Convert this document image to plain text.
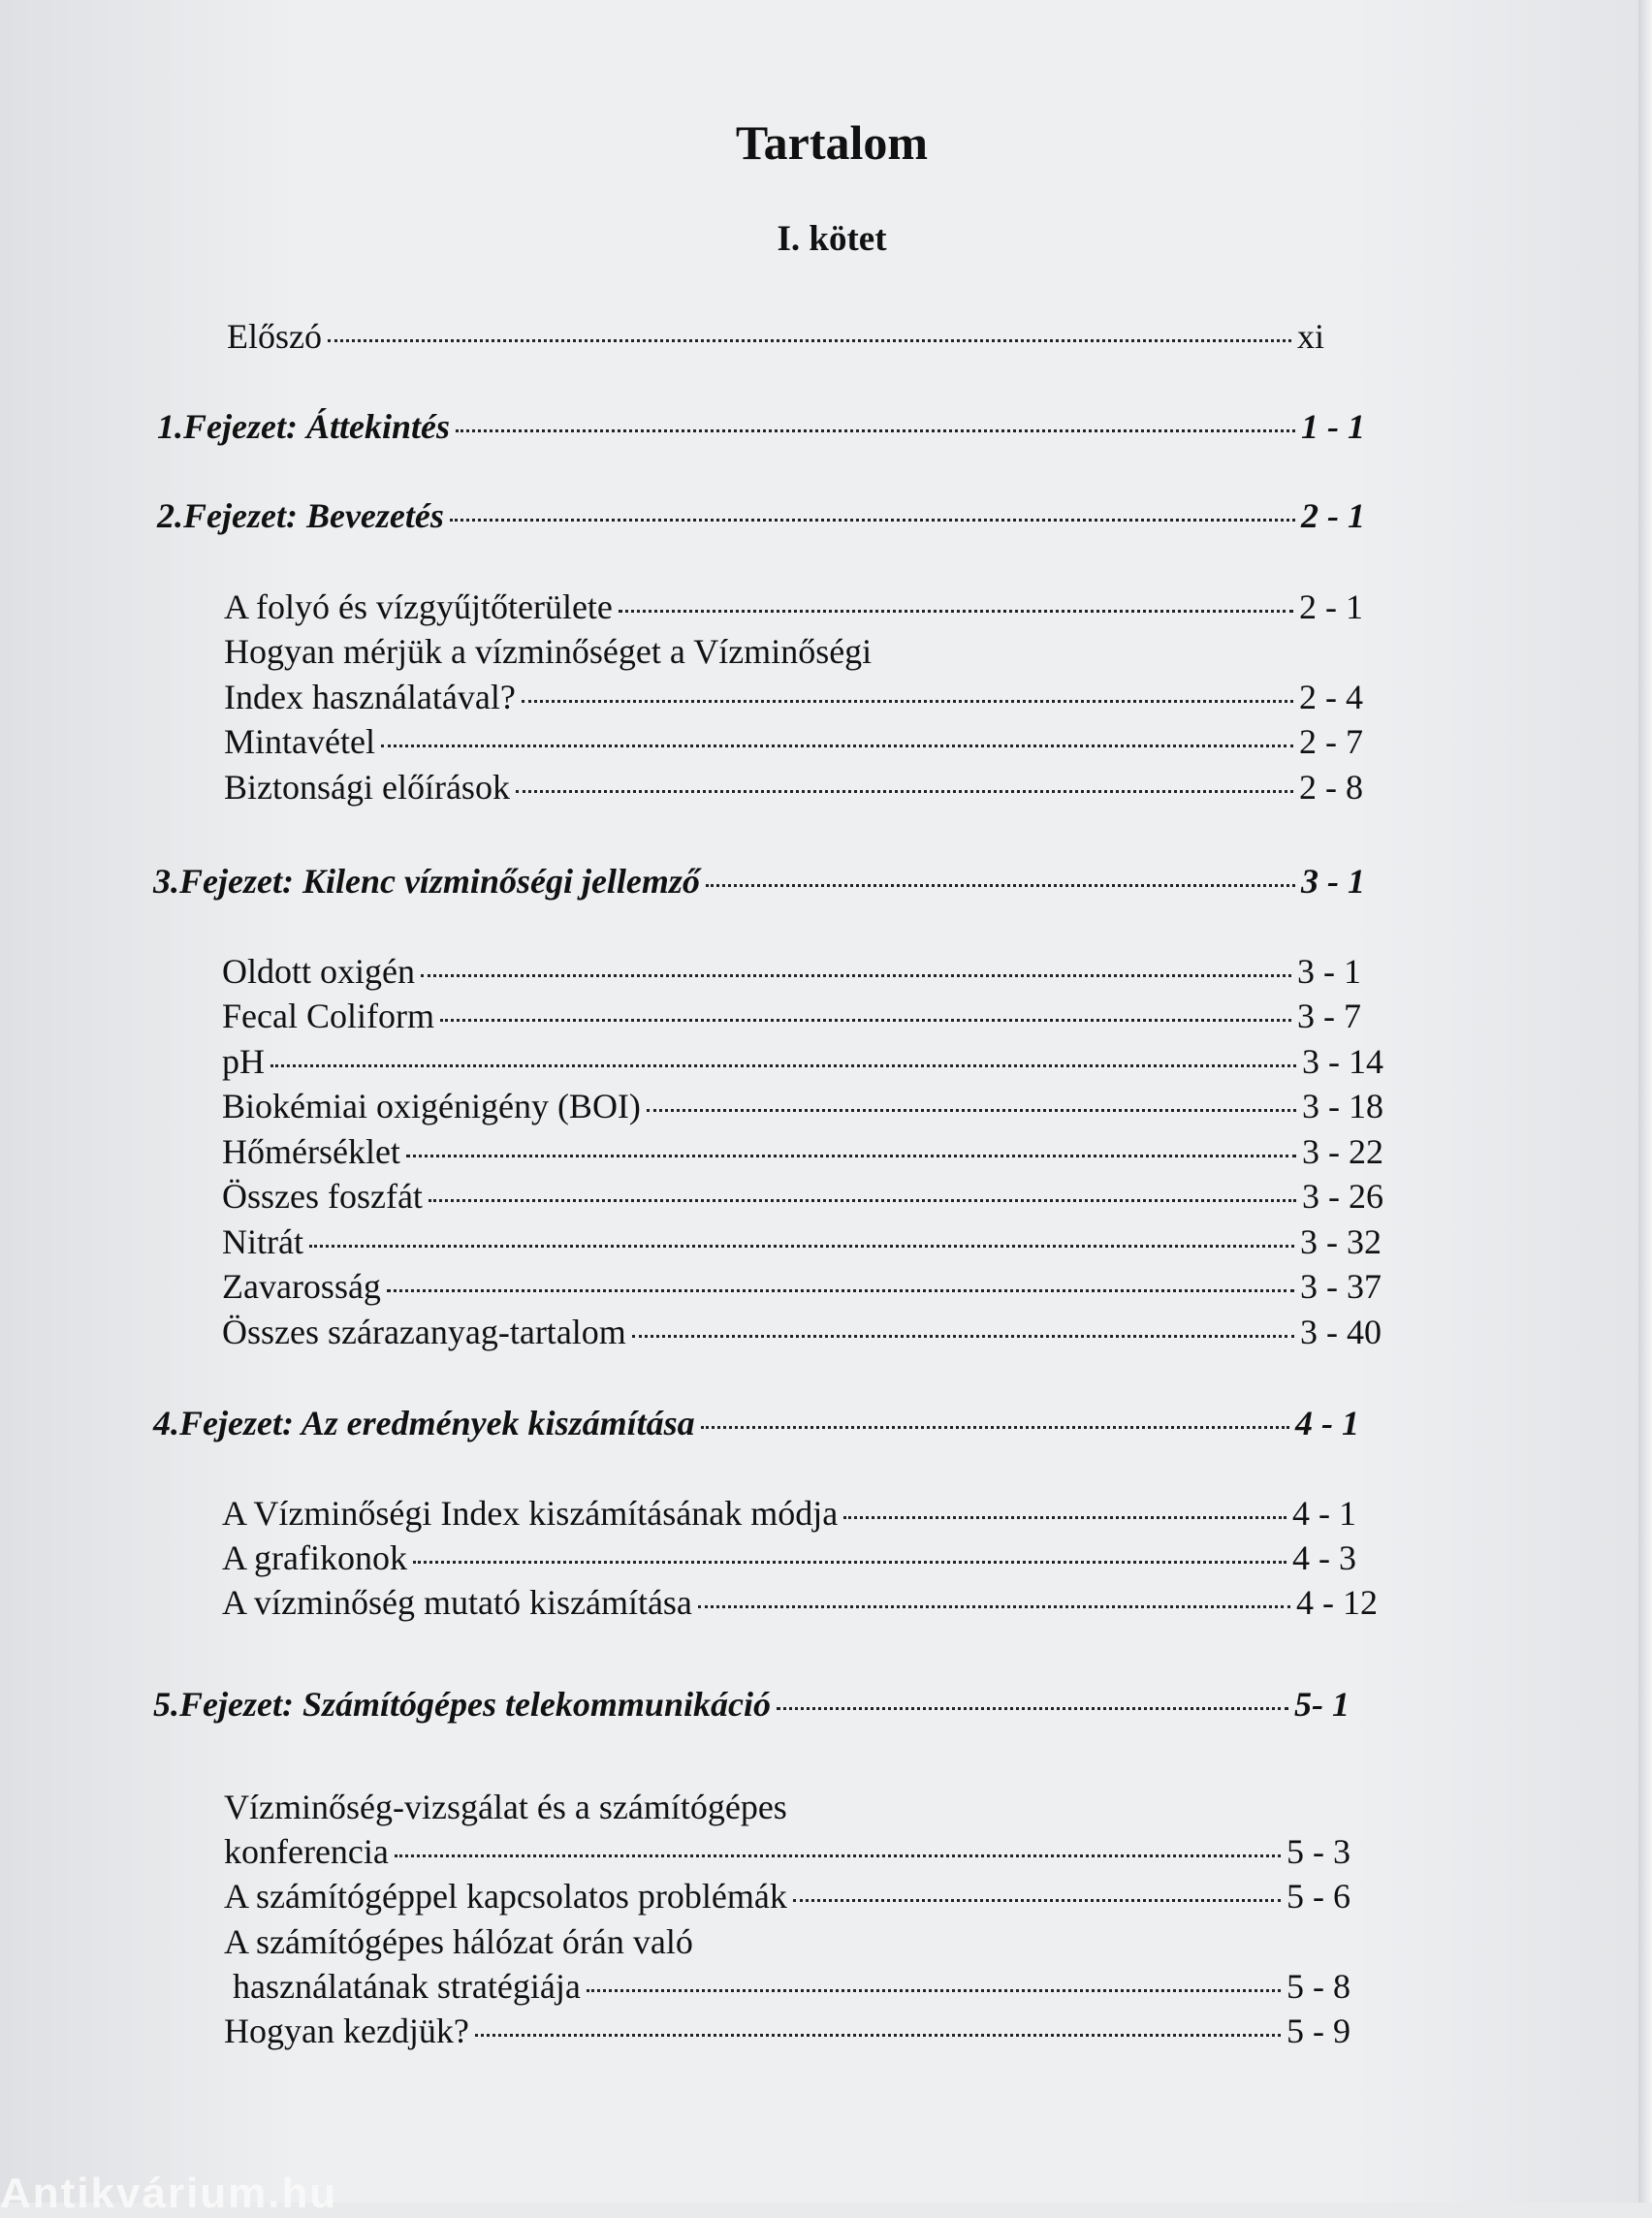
Tartalom
I. kötet
Előszó	xi
1.Fejezet: Áttekintés	1 - 1
2.Fejezet: Bevezetés	2 - 1
A folyó és vízgyűjtőterülete	2 - 1
Hogyan mérjük a vízminőséget a Vízminőségi
Index használatával?	2 - 4
Mintavétel	2 - 7
Biztonsági előírások	2 - 8
3.Fejezet: Kilenc vízminőségi jellemző	3 - 1
Oldott oxigén	3 - 1
Fecal Coliform	3 - 7
pH	3 - 14
Biokémiai oxigénigény (BOI)	3 - 18
Hőmérséklet	3 - 22
Összes foszfát	3 - 26
Nitrát	3 - 32
Zavarosság	3 - 37
Összes szárazanyag-tartalom	3 - 40
4.Fejezet: Az eredmények kiszámítása	4 - 1
A Vízminőségi Index kiszámításának módja	4 - 1
A grafikonok	4 - 3
A vízminőség mutató kiszámítása	4 - 12
5.Fejezet: Számítógépes telekommunikáció	5- 1
Vízminőség-vizsgálat és a számítógépes
konferencia	5 - 3
A számítógéppel kapcsolatos problémák	5 - 6
A számítógépes hálózat órán való
használatának stratégiája	5 - 8
Hogyan kezdjük?	5 - 9
Antikvárium.hu
